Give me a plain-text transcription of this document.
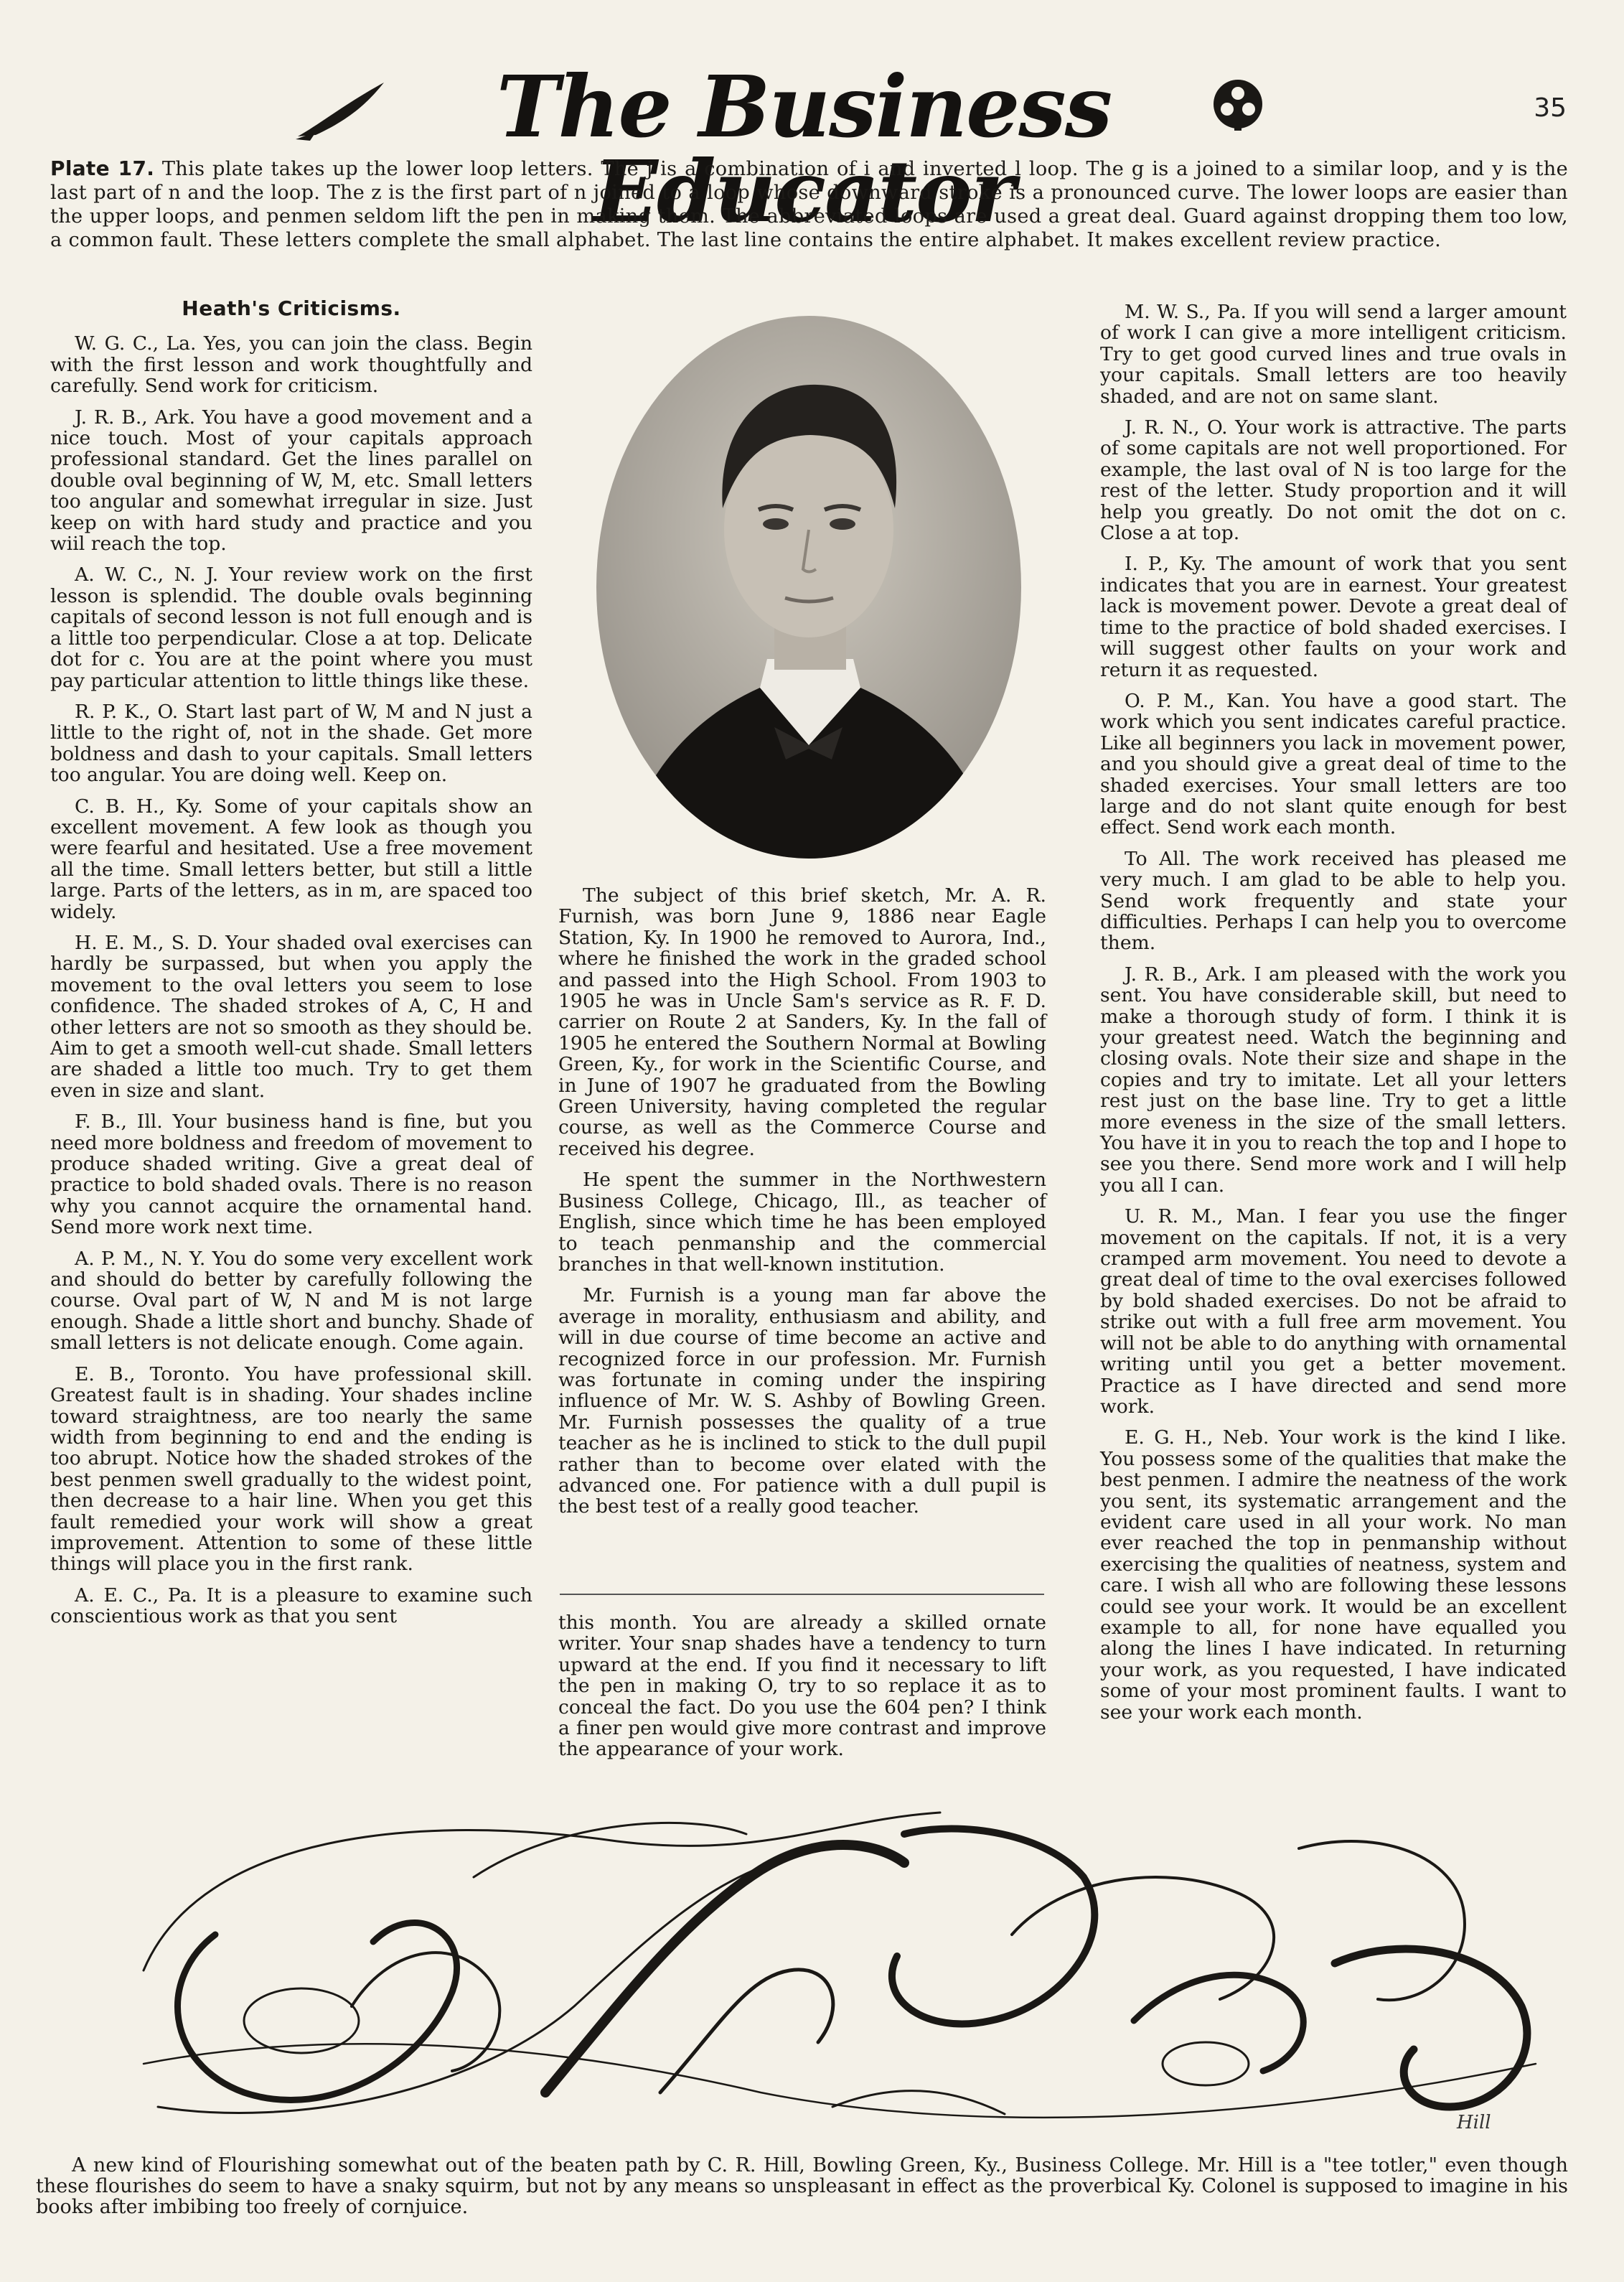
The Business Educator
35
Plate 17. This plate takes up the lower loop letters. The j is a combination of i and inverted l loop. The g is a joined to a similar loop, and y is the last part of n and the loop. The z is the first part of n joined to a loop whose downward stroke is a pronounced curve. The lower loops are easier than the upper loops, and penmen seldom lift the pen in making them. The abbreviated loops are used a great deal. Guard against dropping them too low, a common fault. These letters complete the small alphabet. The last line contains the entire alphabet. It makes excellent review practice.
Heath's Criticisms.

W. G. C., La. Yes, you can join the class. Begin with the first lesson and work thoughtfully and carefully. Send work for criticism.

J. R. B., Ark. You have a good movement and a nice touch. Most of your capitals approach professional standard. Get the lines parallel on double oval beginning of W, M, etc. Small letters too angular and somewhat irregular in size. Just keep on with hard study and practice and you wiil reach the top.

A. W. C., N. J. Your review work on the first lesson is splendid. The double ovals beginning capitals of second lesson is not full enough and is a little too perpendicular. Close a at top. Delicate dot for c. You are at the point where you must pay particular attention to little things like these.

R. P. K., O. Start last part of W, M and N just a little to the right of, not in the shade. Get more boldness and dash to your capitals. Small letters too angular. You are doing well. Keep on.

C. B. H., Ky. Some of your capitals show an excellent movement. A few look as though you were fearful and hesitated. Use a free movement all the time. Small letters better, but still a little large. Parts of the letters, as in m, are spaced too widely.

H. E. M., S. D. Your shaded oval exercises can hardly be surpassed, but when you apply the movement to the oval letters you seem to lose confidence. The shaded strokes of A, C, H and other letters are not so smooth as they should be. Aim to get a smooth well-cut shade. Small letters are shaded a little too much. Try to get them even in size and slant.

F. B., Ill. Your business hand is fine, but you need more boldness and freedom of movement to produce shaded writing. Give a great deal of practice to bold shaded ovals. There is no reason why you cannot acquire the ornamental hand. Send more work next time.

A. P. M., N. Y. You do some very excellent work and should do better by carefully following the course. Oval part of W, N and M is not large enough. Shade a little short and bunchy. Shade of small letters is not delicate enough. Come again.

E. B., Toronto. You have professional skill. Greatest fault is in shading. Your shades incline toward straightness, are too nearly the same width from beginning to end and the ending is too abrupt. Notice how the shaded strokes of the best penmen swell gradually to the widest point, then decrease to a hair line. When you get this fault remedied your work will show a great improvement. Attention to some of these little things will place you in the first rank.

A. E. C., Pa. It is a pleasure to examine such conscientious work as that you sent

The subject of this brief sketch, Mr. A. R. Furnish, was born June 9, 1886 near Eagle Station, Ky. In 1900 he removed to Aurora, Ind., where he finished the work in the graded school and passed into the High School. From 1903 to 1905 he was in Uncle Sam's service as R. F. D. carrier on Route 2 at Sanders, Ky. In the fall of 1905 he entered the Southern Normal at Bowling Green, Ky., for work in the Scientific Course, and in June of 1907 he graduated from the Bowling Green University, having completed the regular course, as well as the Commerce Course and received his degree.

He spent the summer in the Northwestern Business College, Chicago, Ill., as teacher of English, since which time he has been employed to teach penmanship and the commercial branches in that well-known institution.

Mr. Furnish is a young man far above the average in morality, enthusiasm and ability, and will in due course of time become an active and recognized force in our profession. Mr. Furnish was fortunate in coming under the inspiring influence of Mr. W. S. Ashby of Bowling Green. Mr. Furnish possesses the quality of a true teacher as he is inclined to stick to the dull pupil rather than to become over elated with the advanced one. For patience with a dull pupil is the best test of a really good teacher.

this month. You are already a skilled ornate writer. Your snap shades have a tendency to turn upward at the end. If you find it necessary to lift the pen in making O, try to so replace it as to conceal the fact. Do you use the 604 pen? I think a finer pen would give more contrast and improve the appearance of your work.

M. W. S., Pa. If you will send a larger amount of work I can give a more intelligent criticism. Try to get good curved lines and true ovals in your capitals. Small letters are too heavily shaded, and are not on same slant.

J. R. N., O. Your work is attractive. The parts of some capitals are not well proportioned. For example, the last oval of N is too large for the rest of the letter. Study proportion and it will help you greatly. Do not omit the dot on c. Close a at top.

I. P., Ky. The amount of work that you sent indicates that you are in earnest. Your greatest lack is movement power. Devote a great deal of time to the practice of bold shaded exercises. I will suggest other faults on your work and return it as requested.

O. P. M., Kan. You have a good start. The work which you sent indicates careful practice. Like all beginners you lack in movement power, and you should give a great deal of time to the shaded exercises. Your small letters are too large and do not slant quite enough for best effect. Send work each month.

To All. The work received has pleased me very much. I am glad to be able to help you. Send work frequently and state your difficulties. Perhaps I can help you to overcome them.

J. R. B., Ark. I am pleased with the work you sent. You have considerable skill, but need to make a thorough study of form. I think it is your greatest need. Watch the beginning and closing ovals. Note their size and shape in the copies and try to imitate. Let all your letters rest just on the base line. Try to get a little more eveness in the size of the small letters. You have it in you to reach the top and I hope to see you there. Send more work and I will help you all I can.

U. R. M., Man. I fear you use the finger movement on the capitals. If not, it is a very cramped arm movement. You need to devote a great deal of time to the oval exercises followed by bold shaded exercises. Do not be afraid to strike out with a full free arm movement. You will not be able to do anything with ornamental writing until you get a better movement. Practice as I have directed and send more work.

E. G. H., Neb. Your work is the kind I like. You possess some of the qualities that make the best penmen. I admire the neatness of the work you sent, its systematic arrangement and the evident care used in all your work. No man ever reached the top in penmanship without exercising the qualities of neatness, system and care. I wish all who are following these lessons could see your work. It would be an excellent example to all, for none have equalled you along the lines I have indicated. In returning your work, as you requested, I have indicated some of your most prominent faults. I want to see your work each month.

Hill
A new kind of Flourishing somewhat out of the beaten path by C. R. Hill, Bowling Green, Ky., Business College. Mr. Hill is a "tee totler," even though these flourishes do seem to have a snaky squirm, but not by any means so unspleasant in effect as the proverbical Ky. Colonel is supposed to imagine in his books after imbibing too freely of cornjuice.
